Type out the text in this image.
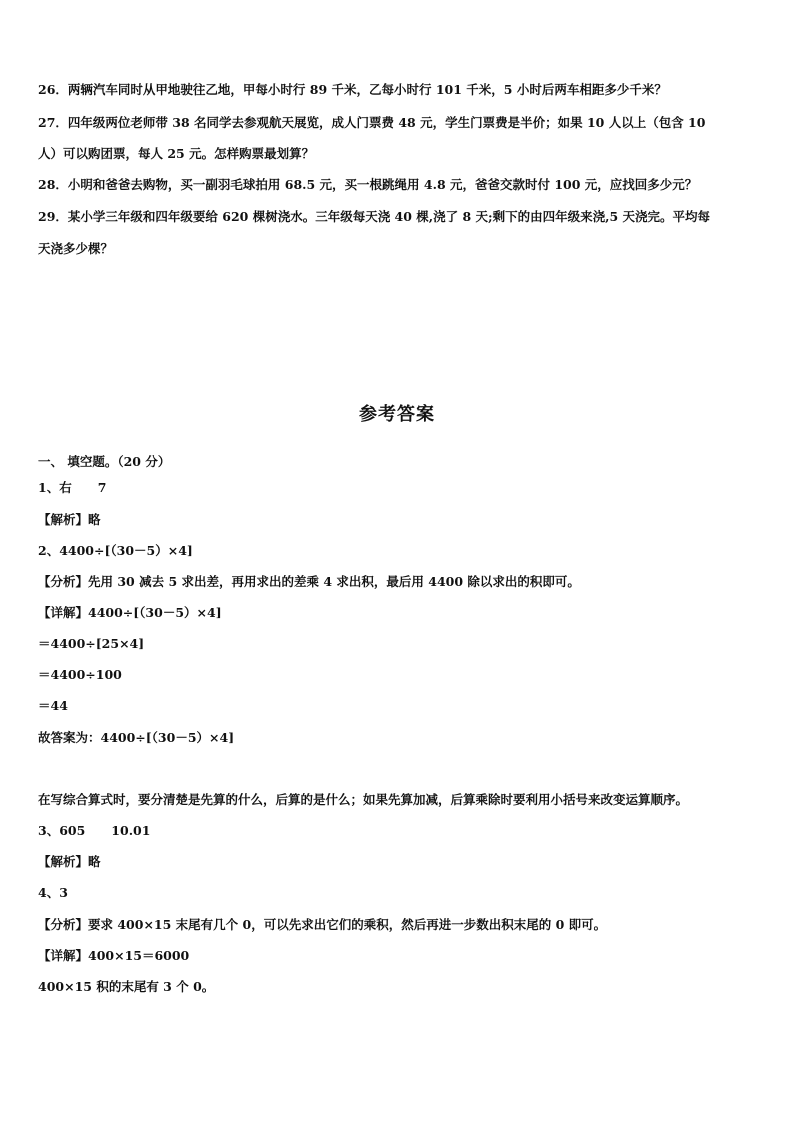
26．两辆汽车同时从甲地驶往乙地，甲每小时行 89 千米，乙每小时行 101 千米，5 小时后两车相距多少千米？
27．四年级两位老师带 38 名同学去参观航天展览，成人门票费 48 元，学生门票费是半价；如果 10 人以上（包含 10
人）可以购团票，每人 25 元。怎样购票最划算？
28．小明和爸爸去购物，买一副羽毛球拍用 68.5 元，买一根跳绳用 4.8 元，爸爸交款时付 100 元，应找回多少元？
29．某小学三年级和四年级要给 620 棵树浇水。三年级每天浇 40 棵,浇了 8 天;剩下的由四年级来浇,5 天浇完。平均每
天浇多少棵？
参考答案
一、 填空题。（20 分）
1、右 7
【解析】略
2、4400÷[（30－5）×4]
【分析】先用 30 减去 5 求出差，再用求出的差乘 4 求出积，最后用 4400 除以求出的积即可。
【详解】4400÷[（30－5）×4]
＝4400÷[25×4]
＝4400÷100
＝44
故答案为：4400÷[（30－5）×4]
在写综合算式时，要分清楚是先算的什么，后算的是什么；如果先算加减，后算乘除时要利用小括号来改变运算顺序。
3、605 10.01
【解析】略
4、3
【分析】要求 400×15 末尾有几个 0，可以先求出它们的乘积，然后再进一步数出积末尾的 0 即可。
【详解】400×15＝6000
400×15 积的末尾有 3 个 0。
